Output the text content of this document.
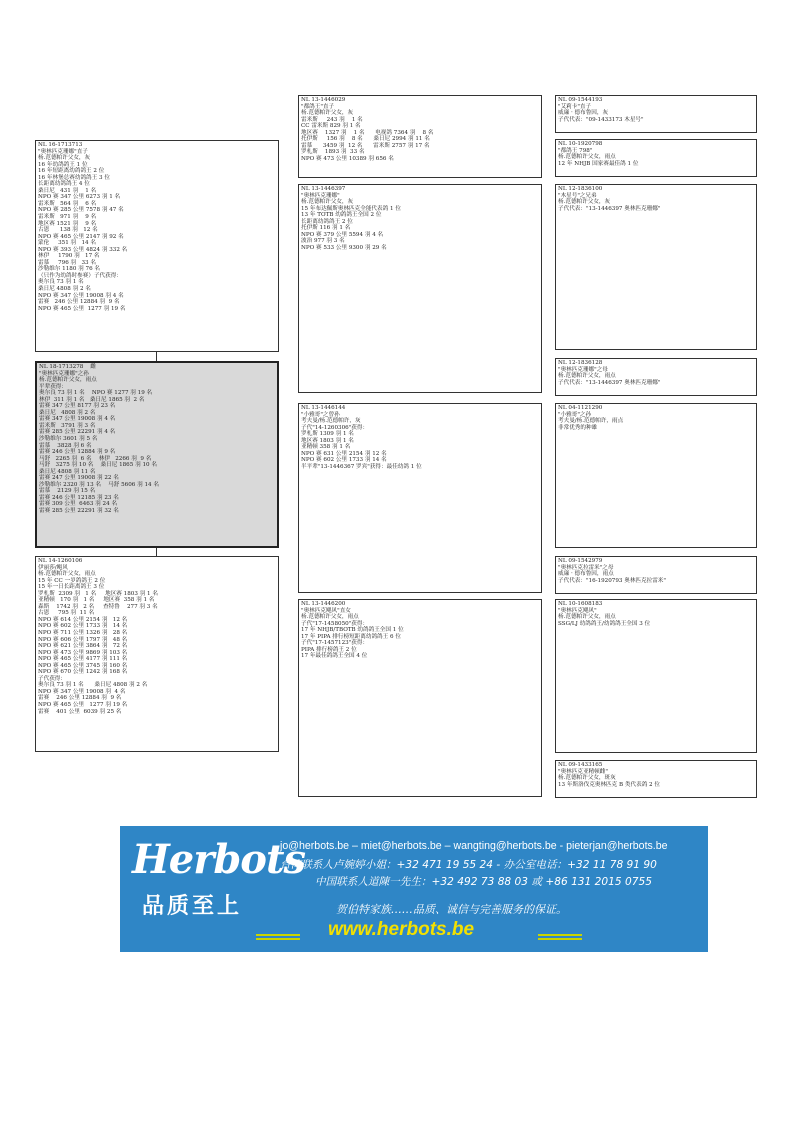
NL 16-1713713
"奥林匹克珊娜"直子
杨.范德帕许父女，灰
16 年幼鸽鸽王 1 位
16 年短距离幼鸽鸽王 2 位
16 年林堡总赛幼鸽鸽王 3 位
长距离幼鸽鸽王 4 位
桑日尼   431 羽    1 名
NPO 赛 347 公里 6273 羽 1 名
雷米斯   564 羽    6 名
NPO 赛 285 公里 7578 羽 47 名
雷米斯   971 羽    9 名
地区赛 1521 羽    9 名
古恩      138 羽   12 名
NPO 赛 465 公里 2147 羽 92 名
蒙伦     351 羽   14 名
NPO 赛 393 公里 4824 羽 332 名
林伊     1790 羽   17 名
雷慕     796 羽   33 名
沙勒维尔 1180 羽 76 名
（只作为幼鸽时参赛）子代获得：
奥尔良 73 羽 1 名
桑日尼 4808 羽 2 名
NPO 赛 347 公里 19008 羽 4 名
雷赛   246 公里 12884 羽  9 名
NPO 赛 465 公里  1277 羽 19 名
NL 18-1713278    雌
"奥林匹克珊娜"之孙
杨.范德帕许父女，雨点
平辈获得：
奥尔良 73 羽 1 名    NPO 赛 1277 羽 19 名
林伊  311 羽 1 名   桑日尼 1865 羽  2 名
雷赛 347 公里 8177 羽 23 名
桑日尼   4808 羽 2 名
雷赛 347 公里 19008 羽 4 名
雷米斯   3791 羽 3 名
雷赛 285 公里 22291 羽 4 名
沙勒维尔 3601 羽 5 名
雷慕    3828 羽 6 名
雷赛 246 公里 12884 羽 9 名
马舒   2265 羽  6 名    林伊   2266 羽  9 名
马舒   3275 羽 10 名    桑日尼 1865 羽 10 名
桑日尼 4808 羽 11 名
雷赛 247 公里 19008 羽 22 名
沙勒维尔 2320 羽 13 名    马舒 5606 羽 14 名
雷慕    2129 羽 15 名
雷赛 246 公里 12185 羽 23 名
雷赛 309 公里  6463 羽 24 名
雷赛 285 公里 22291 羽 32 名
NL 14-1260106
伊丽莎/飓风
杨.范德帕许父女，雨点
15 年 CC 一岁鸽鸽王 2 位
15 年一日长距离鸽王 3 位
罗札斯  2309 羽   1 名     地区赛 1803 羽 1 名
亚精顿   170 羽   1 名     地区赛  358 羽 1 名
森斯    1742 羽   2 名     查特鲁    277 羽 3 名
古恩     795 羽  11 名
NPO 赛 614 公里 2154 羽   12 名
NPO 赛 602 公里 1733 羽   14 名
NPO 赛 711 公里 1326 羽   28 名
NPO 赛 606 公里 1797 羽   48 名
NPO 赛 621 公里 3864 羽   72 名
NPO 赛 473 公里 9869 羽 103 名
NPO 赛 465 公里 4177 羽 111 名
NPO 赛 465 公里 3745 羽 160 名
NPO 赛 670 公里 1242 羽 168 名
子代获得：
奥尔良 73 羽 1 名      桑日尼 4808 羽 2 名
NPO 赛 347 公里 19008 羽  4 名
雷赛    246 公里 12884 羽  9 名
NPO 赛 465 公里   1277 羽 19 名
雷赛    401 公里  6039 羽 25 名
NL 13-1446029
"都鸽王"直子
杨.范德帕许父女，灰
雷米斯     243 羽    1 名
CC 雷米斯 829 羽 1 名
地区赛    1327 羽    1 名      电视鸽 7364 羽    8 名
托伊斯     156 羽    8 名      桑日尼 2994 羽 11 名
雷慕      3459 羽  12 名      雷米斯 2757 羽 17 名
罗札斯    1893 羽  33 名
NPO 赛 473 公里 10389 羽 656 名
NL 13-1446397
"奥林匹克珊娜"
杨.范德帕许父女，灰
15 年布达佩斯奥林匹克全能代表鸽 1 位
13 年 TOTB 幼鸽鸽王全国 2 位
长距离幼鸽鸽王 2 位
托伊斯 116 羽 1 名
NPO 赛 379 公里 5594 羽 4 名
波治 977 羽 3 名
NPO 赛 533 公里 9300 羽 29 名
NL 13-1446144
"小雅哥"之曾孙
考夫曼/杨.范德帕许，灰
子代"14-1260306"获得：
罗札斯 1309 羽 1 名
地区赛 1803 羽 1 名
亚精顿 358 羽 1 名
NPO 赛 631 公里 2154 羽 12 名
NPO 赛 602 公里 1733 羽 14 名
半平辈"13-1446367 罗宾"获得：最佳幼鸽 1 位
NL 13-1446200
"奥林匹克飓风"直女
杨.范德帕许父女，雨点
子代"17-1458050"获得：
17 年 NHJB/TBOTB 幼鸽鸽王全国 1 位
17 年 PIPA 排行榜短距离幼鸽鸽王 6 位
子代"17-1457123"获得：
PIPA 排行榜鸽王 2 位
17 年最佳鸽鸽王全国 4 位
NL 09-1544193
"艾莉卡"直子
威廉 · 德布鲁因，灰
子代代表："09-1433173 木星号"
NL 10-1920798
"都鸽王 798"
杨.范德帕许父女，雨点
12 年 NHJB 国家赛最佳鸽 1 位
NL 12-1836100
"木星号"之兄弟
杨.范德帕许父女，灰
子代代表："13-1446397 奥林匹克珊娜"
NL 12-1836128
"奥林匹克珊娜"之母
杨.范德帕许父女，雨点
子代代表："13-1446397 奥林匹克珊娜"
NL 04-1121290
"小雅哥"之孙
考夫曼/杨.范德帕许，雨点
非常优秀的种雄
NL 09-1542979
"奥林匹克拉雷米"之母
威廉 · 德布鲁因，雨点
子代代表："16-1920793 奥林匹克拉雷米"
NL 10-1608183
"奥林匹克飓风"
杨.范德帕许父女，雨点
SSG/LJ 幼鸽鸽王/幼鸽鸽王全国 3 位
NL 09-1433165
"奥林匹克亚精顿雌"
杨.范德帕许父女，斑灰
13 年斯洛伐克奥林匹克 B 类代表鸽 2 位
Herbots
品质至上
jo@herbots.be – miet@herbots.be – wangting@herbots.be - pieterjan@herbots.be
台湾联系人卢婉婷小姐：+32 471 19 55 24 - 办公室电话：+32 11 78 91 90
中国联系人道陳一先生：+32 492 73 88 03 或 +86 131 2015 0755
贺伯特家族……品质、诚信与完善服务的保证。
www.herbots.be
